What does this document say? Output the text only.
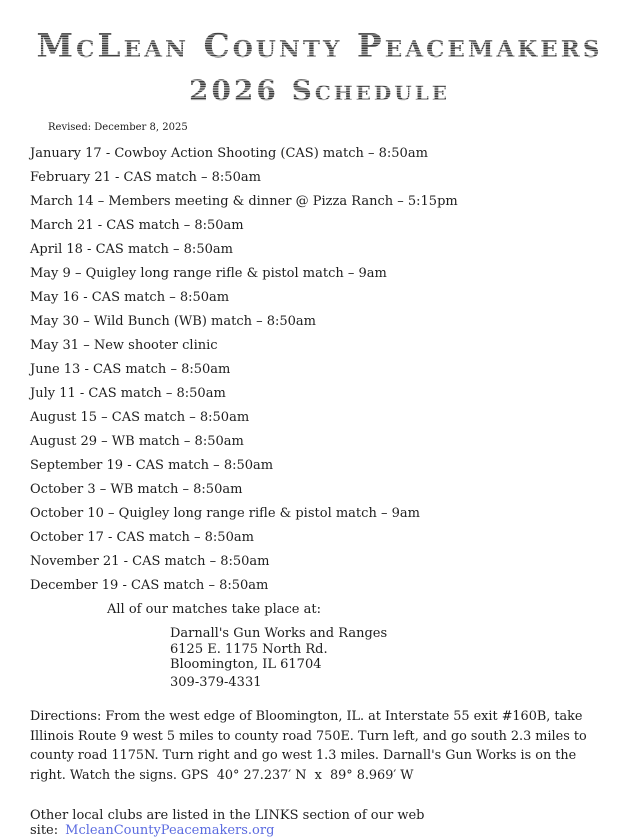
McLean County Peacemakers
2026 Schedule
Revised: December 8, 2025
January 17 - Cowboy Action Shooting (CAS) match – 8:50am
February 21 - CAS match – 8:50am
March 14 – Members meeting & dinner @ Pizza Ranch – 5:15pm
March 21 - CAS match – 8:50am
April 18 - CAS match – 8:50am
May 9 – Quigley long range rifle & pistol match – 9am
May 16 - CAS match – 8:50am
May 30 – Wild Bunch (WB) match – 8:50am
May 31 – New shooter clinic
June 13 - CAS match – 8:50am
July 11 - CAS match – 8:50am
August 15 – CAS match – 8:50am
August 29 – WB match – 8:50am
September 19 - CAS match – 8:50am
October 3 – WB match – 8:50am
October 10 – Quigley long range rifle & pistol match – 9am
October 17 - CAS match – 8:50am
November 21 - CAS match – 8:50am
December 19 - CAS match – 8:50am
All of our matches take place at:
Darnall's Gun Works and Ranges
6125 E. 1175 North Rd.
Bloomington, IL 61704
309-379-4331

Directions: From the west edge of Bloomington, IL. at Interstate 55 exit #160B, take Illinois Route 9 west 5 miles to county road 750E. Turn left, and go south 2.3 miles to county road 1175N. Turn right and go west 1.3 miles. Darnall's Gun Works is on the right. Watch the signs. GPS  40° 27.237′ N  x  89° 8.969′ W

Other local clubs are listed in the LINKS section of our web site: McleanCountyPeacemakers.org
